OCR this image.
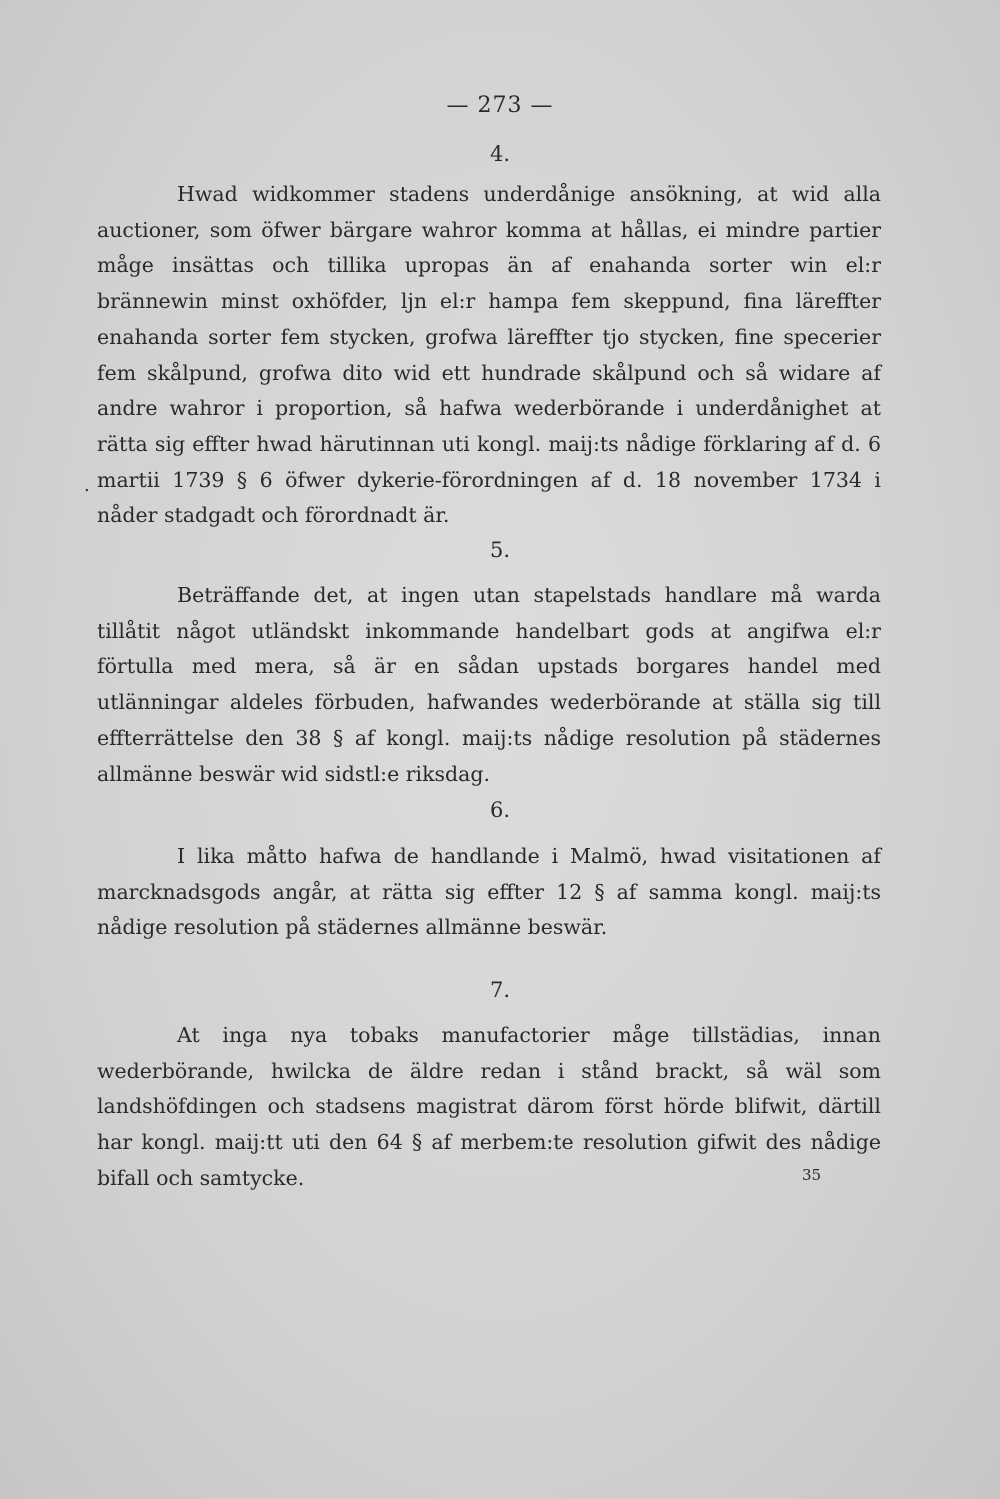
— 273 —
.
4.
Hwad widkommer stadens underdånige ansökning, at wid alla auctioner, som öfwer bärgare wahror komma at hållas, ei mindre partier måge insättas och tillika upropas än af enahanda sorter win el:r brännewin minst oxhöfder, ljn el:r hampa fem skeppund, fina läreffter enahanda sorter fem stycken, grofwa läreffter tjo stycken, fine specerier fem skålpund, grofwa dito wid ett hundrade skålpund och så widare af andre wahror i proportion, så hafwa wederbörande i underdånighet at rätta sig effter hwad härutinnan uti kongl. maij:ts nådige förklaring af d. 6 martii 1739 § 6 öfwer dykerie-förordningen af d. 18 november 1734 i nåder stadgadt och förordnadt är.
5.
Beträffande det, at ingen utan stapelstads handlare må warda tillåtit något utländskt inkommande handelbart gods at angifwa el:r förtulla med mera, så är en sådan upstads borgares handel med utlänningar aldeles förbuden, hafwandes wederbörande at ställa sig till effterrättelse den 38 § af kongl. maij:ts nådige resolution på städernes allmänne beswär wid sidstl:e riksdag.
6.
I lika måtto hafwa de handlande i Malmö, hwad visitationen af marcknadsgods angår, at rätta sig effter 12 § af samma kongl. maij:ts nådige resolution på städernes allmänne beswär.
7.
At inga nya tobaks manufactorier måge tillstädias, innan wederbörande, hwilcka de äldre redan i stånd brackt, så wäl som landshöfdingen och stadsens magistrat därom först hörde blifwit, därtill har kongl. maij:tt uti den 64 § af merbem:te resolution gifwit des nådige bifall och samtycke.	35
